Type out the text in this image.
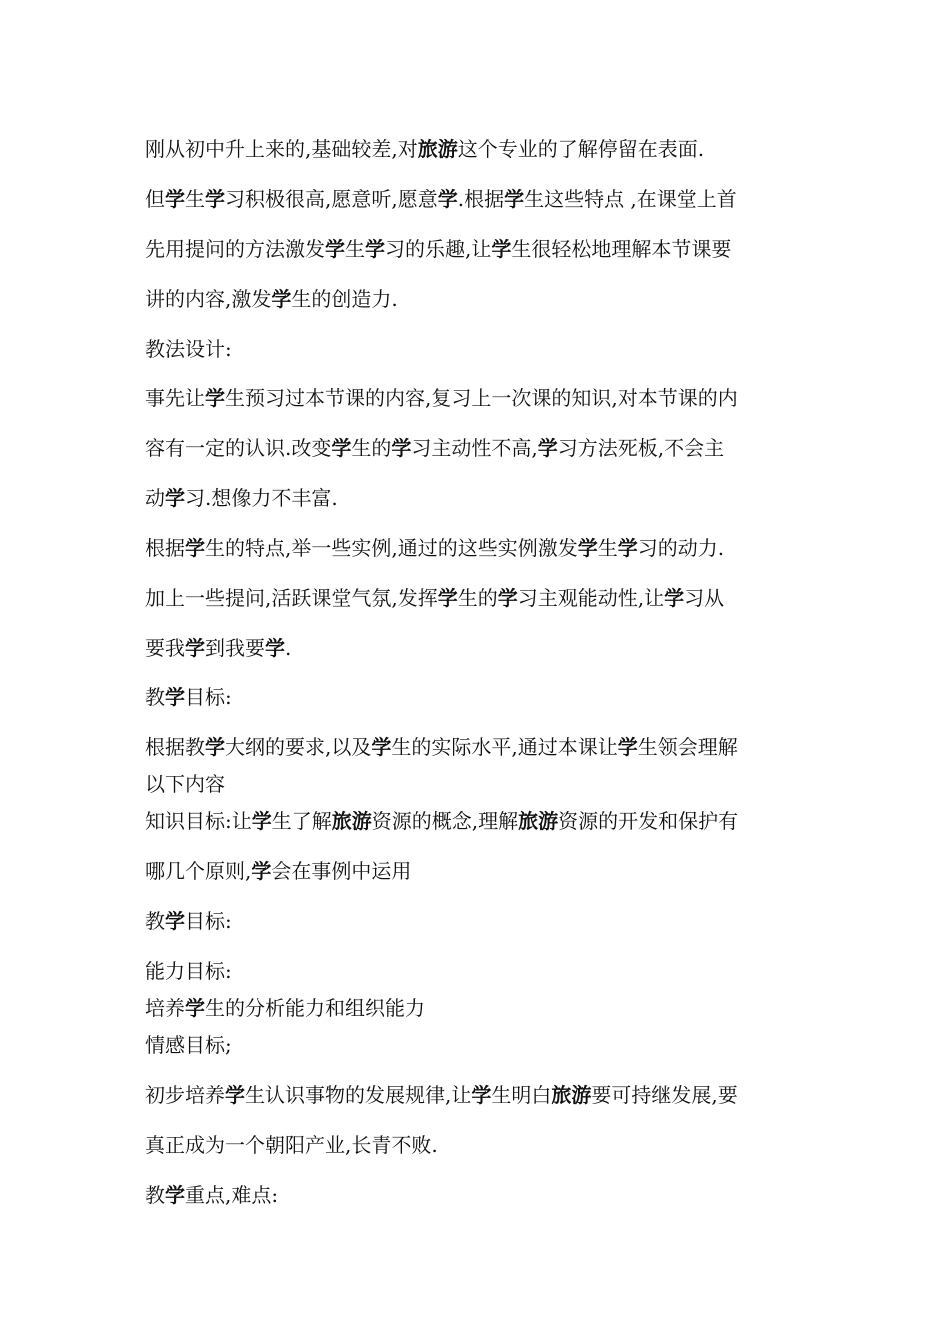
刚从初中升上来的,基础较差,对旅游这个专业的了解停留在表面.
但学生学习积极很高,愿意听,愿意学.根据学生这些特点 ,在课堂上首
先用提问的方法激发学生学习的乐趣,让学生很轻松地理解本节课要
讲的内容,激发学生的创造力.
教法设计:
事先让学生预习过本节课的内容,复习上一次课的知识,对本节课的内
容有一定的认识.改变学生的学习主动性不高,学习方法死板,不会主
动学习.想像力不丰富.
根据学生的特点,举一些实例,通过的这些实例激发学生学习的动力.
加上一些提问,活跃课堂气氛,发挥学生的学习主观能动性,让学习从
要我学到我要学.
教学目标:
根据教学大纲的要求,以及学生的实际水平,通过本课让学生领会理解
以下内容
知识目标:让学生了解旅游资源的概念,理解旅游资源的开发和保护有
哪几个原则,学会在事例中运用
教学目标:
能力目标:
培养学生的分析能力和组织能力
情感目标;
初步培养学生认识事物的发展规律,让学生明白旅游要可持继发展,要
真正成为一个朝阳产业,长青不败.
教学重点,难点:
